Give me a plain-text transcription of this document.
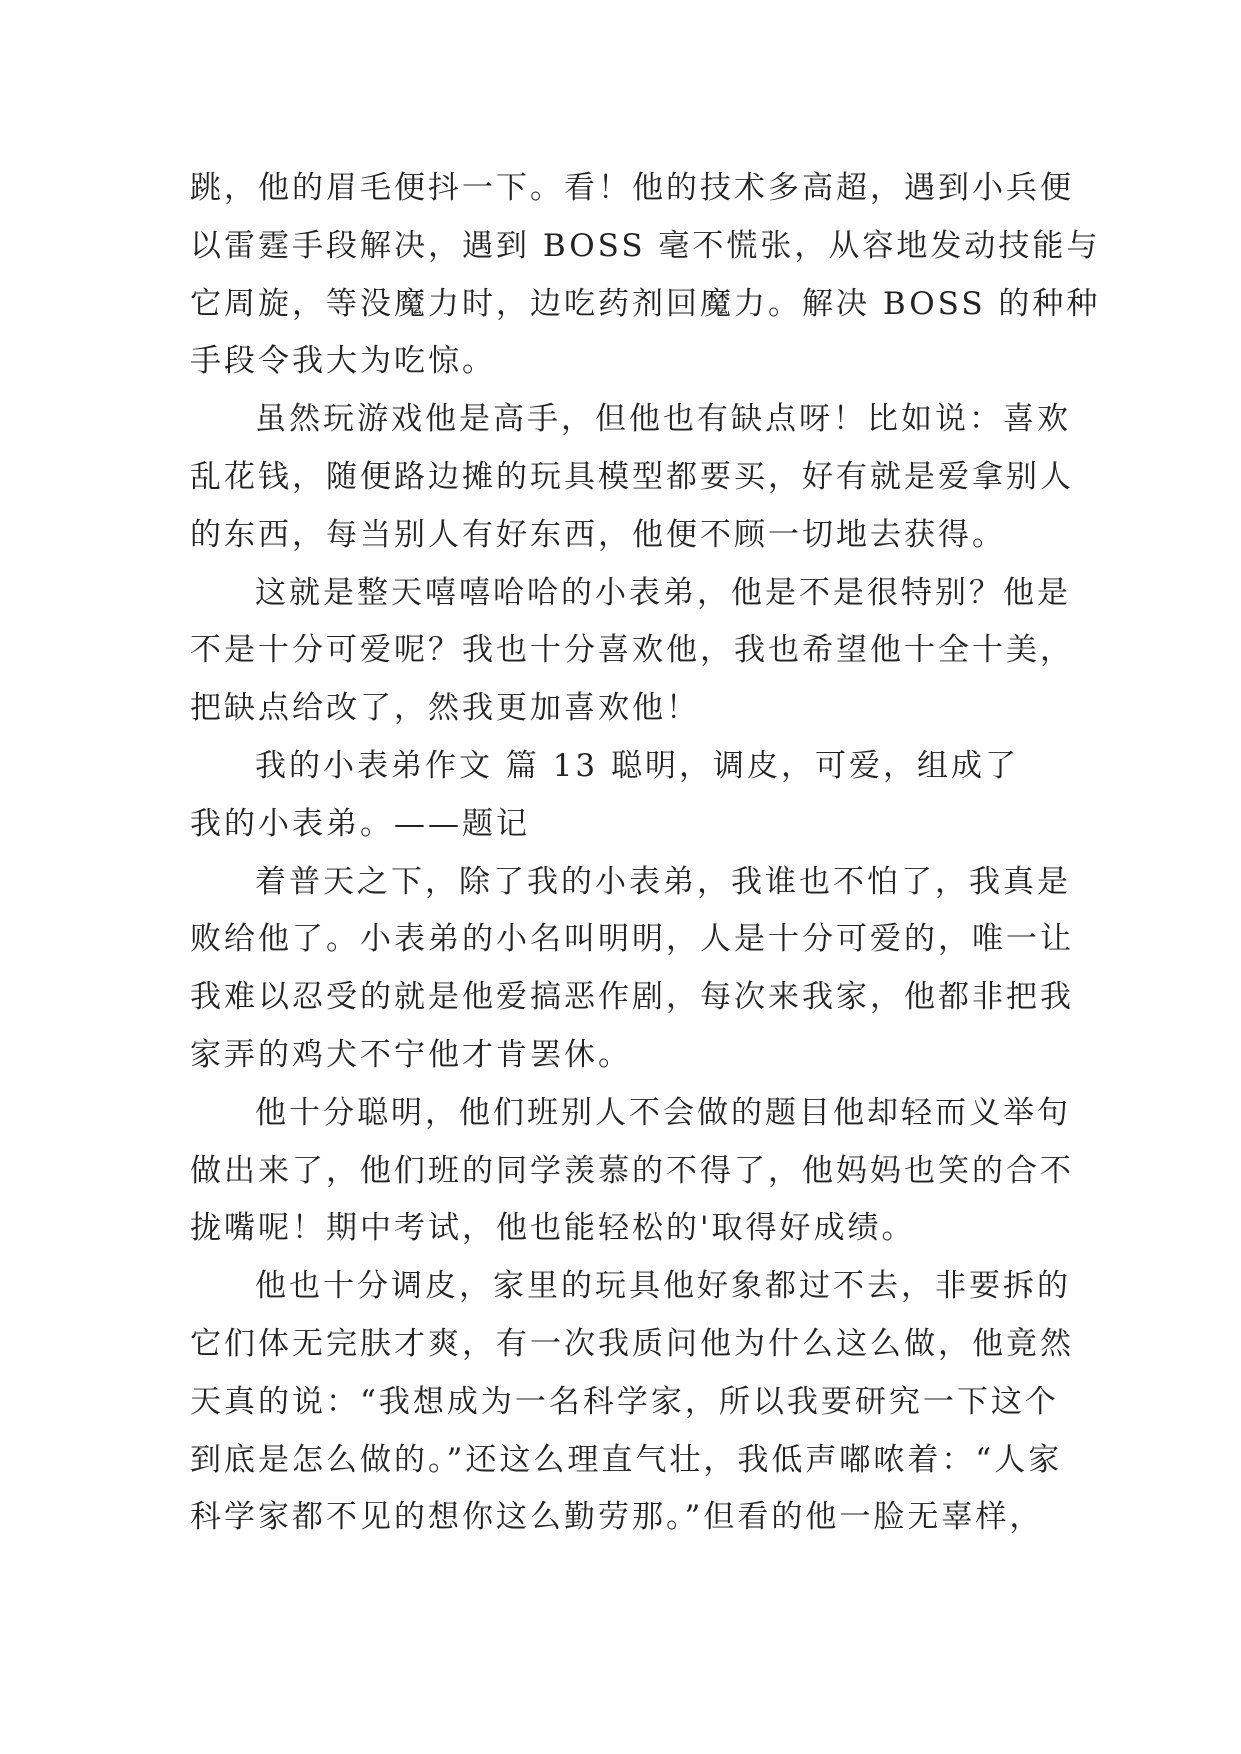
跳，他的眉毛便抖一下。看！他的技术多高超，遇到小兵便
以雷霆手段解决，遇到 BOSS 毫不慌张，从容地发动技能与
它周旋，等没魔力时，边吃药剂回魔力。解决 BOSS 的种种
手段令我大为吃惊。
虽然玩游戏他是高手，但他也有缺点呀！比如说：喜欢
乱花钱，随便路边摊的玩具模型都要买，好有就是爱拿别人
的东西，每当别人有好东西，他便不顾一切地去获得。
这就是整天嘻嘻哈哈的小表弟，他是不是很特别？他是
不是十分可爱呢？我也十分喜欢他，我也希望他十全十美，
把缺点给改了，然我更加喜欢他！
我的小表弟作文 篇 13 聪明，调皮，可爱，组成了
我的小表弟。——题记
着普天之下，除了我的小表弟，我谁也不怕了，我真是
败给他了。小表弟的小名叫明明，人是十分可爱的，唯一让
我难以忍受的就是他爱搞恶作剧，每次来我家，他都非把我
家弄的鸡犬不宁他才肯罢休。
他十分聪明，他们班别人不会做的题目他却轻而义举句
做出来了，他们班的同学羡慕的不得了，他妈妈也笑的合不
拢嘴呢！期中考试，他也能轻松的'取得好成绩。
他也十分调皮，家里的玩具他好象都过不去，非要拆的
它们体无完肤才爽，有一次我质问他为什么这么做，他竟然
天真的说：“我想成为一名科学家，所以我要研究一下这个
到底是怎么做的。”还这么理直气壮，我低声嘟哝着：“人家
科学家都不见的想你这么勤劳那。”但看的他一脸无辜样，
